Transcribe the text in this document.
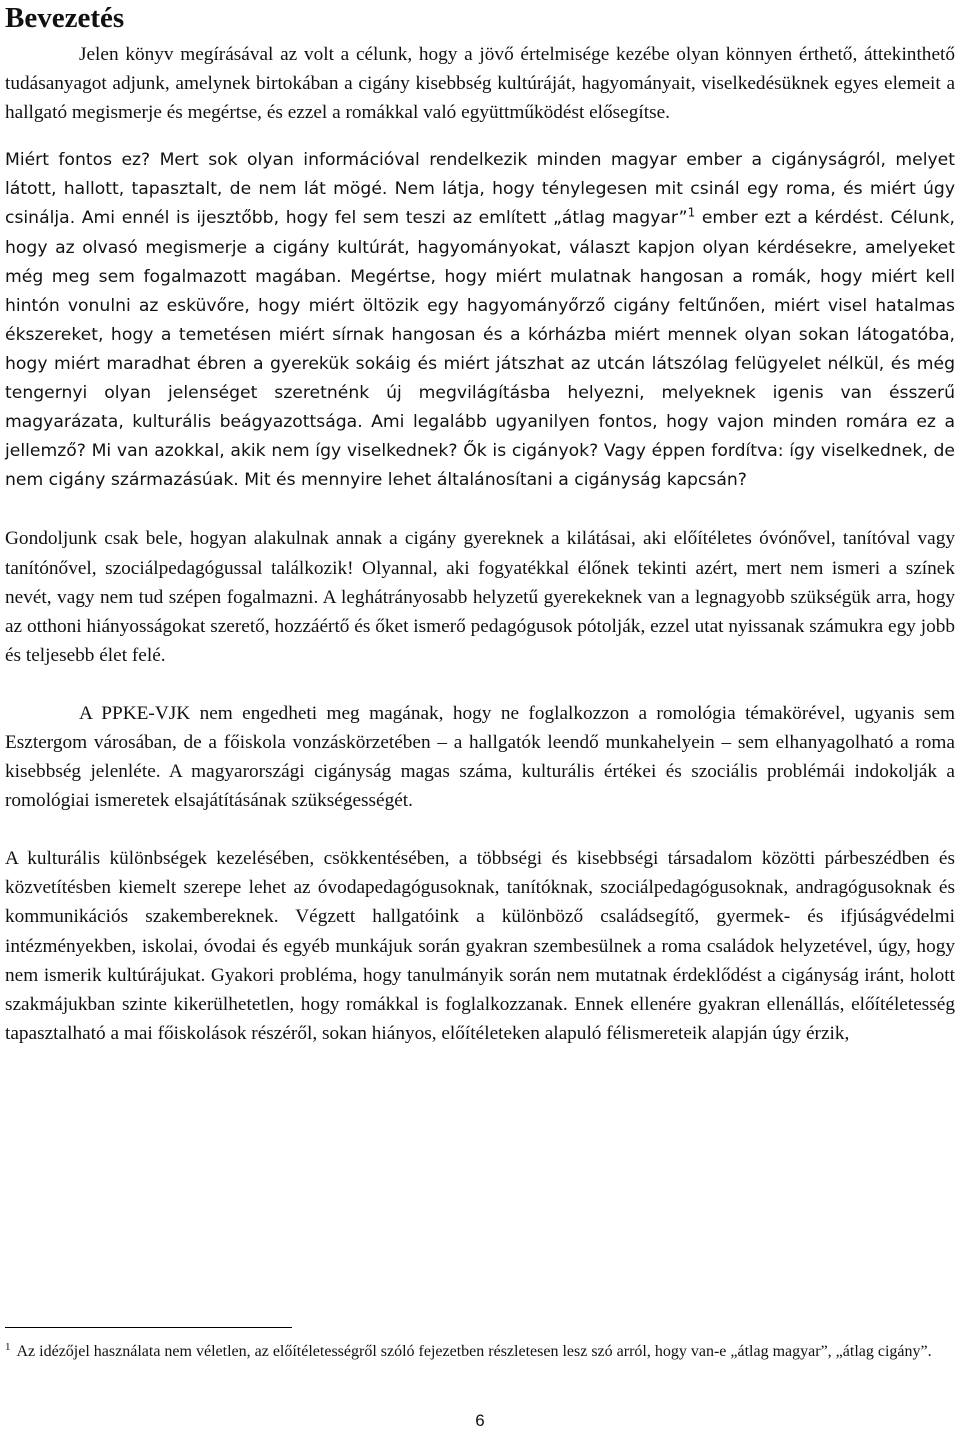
Bevezetés

Jelen könyv megírásával az volt a célunk, hogy a jövő értelmisége kezébe olyan könnyen érthető, áttekinthető tudásanyagot adjunk, amelynek birtokában a cigány kisebbség kultúráját, hagyományait, viselkedésüknek egyes elemeit a hallgató megismerje és megértse, és ezzel a romákkal való együttműködést elősegítse.

Miért fontos ez? Mert sok olyan információval rendelkezik minden magyar ember a cigányságról, melyet látott, hallott, tapasztalt, de nem lát mögé. Nem látja, hogy ténylegesen mit csinál egy roma, és miért úgy csinálja. Ami ennél is ijesztőbb, hogy fel sem teszi az említett „átlag magyar”$^1$ ember ezt a kérdést. Célunk, hogy az olvasó megismerje a cigány kultúrát, hagyományokat, választ kapjon olyan kérdésekre, amelyeket még meg sem fogalmazott magában. Megértse, hogy miért mulatnak hangosan a romák, hogy miért kell hintón vonulni az esküvőre, hogy miért öltözik egy hagyományőrző cigány feltűnően, miért visel hatalmas ékszereket, hogy a temetésen miért sírnak hangosan és a kórházba miért mennek olyan sokan látogatóba, hogy miért maradhat ébren a gyerekük sokáig és miért játszhat az utcán látszólag felügyelet nélkül, és még tengernyi olyan jelenséget szeretnénk új megvilágításba helyezni, melyeknek igenis van ésszerű magyarázata, kulturális beágyazottsága. Ami legalább ugyanilyen fontos, hogy vajon minden romára ez a jellemző? Mi van azokkal, akik nem így viselkednek? Ők is cigányok? Vagy éppen fordítva: így viselkednek, de nem cigány származásúak. Mit és mennyire lehet általánosítani a cigányság kapcsán?

Gondoljunk csak bele, hogyan alakulnak annak a cigány gyereknek a kilátásai, aki előítéletes óvónővel, tanítóval vagy tanítónővel, szociálpedagógussal találkozik! Olyannal, aki fogyatékkal élőnek tekinti azért, mert nem ismeri a színek nevét, vagy nem tud szépen fogalmazni. A leghátrányosabb helyzetű gyerekeknek van a legnagyobb szükségük arra, hogy az otthoni hiányosságokat szerető, hozzáértő és őket ismerő pedagógusok pótolják, ezzel utat nyissanak számukra egy jobb és teljesebb élet felé.

A PPKE-VJK nem engedheti meg magának, hogy ne foglalkozzon a romológia témakörével, ugyanis sem Esztergom városában, de a főiskola vonzáskörzetében – a hallgatók leendő munkahelyein – sem elhanyagolható a roma kisebbség jelenléte. A magyarországi cigányság magas száma, kulturális értékei és szociális problémái indokolják a romológiai ismeretek elsajátításának szükségességét.

A kulturális különbségek kezelésében, csökkentésében, a többségi és kisebbségi társadalom közötti párbeszédben és közvetítésben kiemelt szerepe lehet az óvodapedagógusoknak, tanítóknak, szociálpedagógusoknak, andragógusoknak és kommunikációs szakembereknek. Végzett hallgatóink a különböző családsegítő, gyermek- és ifjúságvédelmi intézményekben, iskolai, óvodai és egyéb munkájuk során gyakran szembesülnek a roma családok helyzetével, úgy, hogy nem ismerik kultúrájukat. Gyakori probléma, hogy tanulmányik során nem mutatnak érdeklődést a cigányság iránt, holott szakmájukban szinte kikerülhetetlen, hogy romákkal is foglalkozzanak. Ennek ellenére gyakran ellenállás, előítéletesség tapasztalható a mai főiskolások részéről, sokan hiányos, előítéleteken alapuló félismereteik alapján úgy érzik,

$^1$ Az idézőjel használata nem véletlen, az előítéletességről szóló fejezetben részletesen lesz szó arról, hogy van-e „átlag magyar”, „átlag cigány”.
6
